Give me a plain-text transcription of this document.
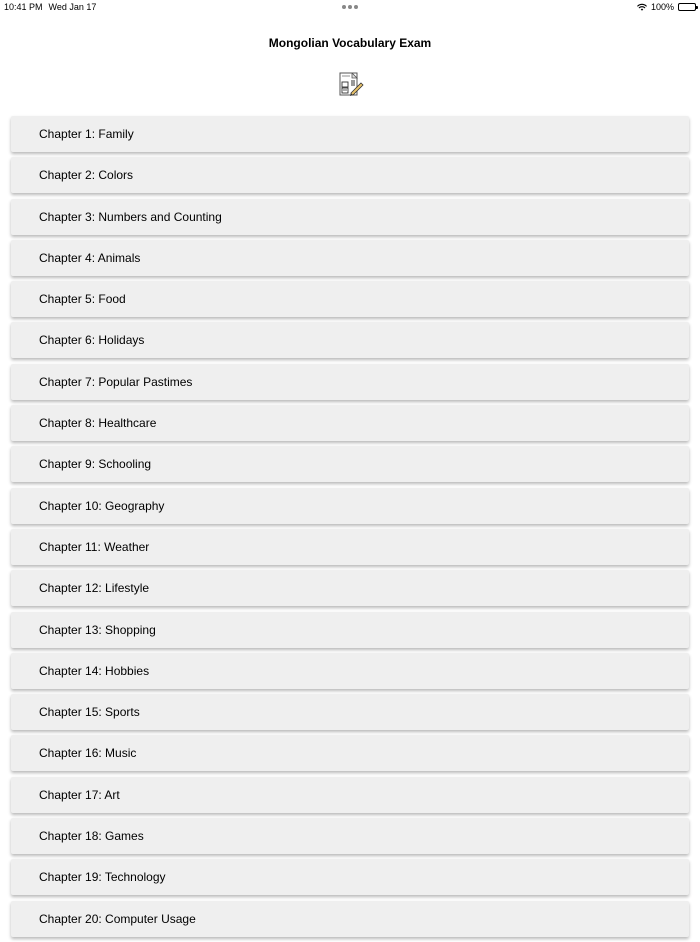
10:41 PM Wed Jan 17	100%
Mongolian Vocabulary Exam
Chapter 1: Family
Chapter 2: Colors
Chapter 3: Numbers and Counting
Chapter 4: Animals
Chapter 5: Food
Chapter 6: Holidays
Chapter 7: Popular Pastimes
Chapter 8: Healthcare
Chapter 9: Schooling
Chapter 10: Geography
Chapter 11: Weather
Chapter 12: Lifestyle
Chapter 13: Shopping
Chapter 14: Hobbies
Chapter 15: Sports
Chapter 16: Music
Chapter 17: Art
Chapter 18: Games
Chapter 19: Technology
Chapter 20: Computer Usage
